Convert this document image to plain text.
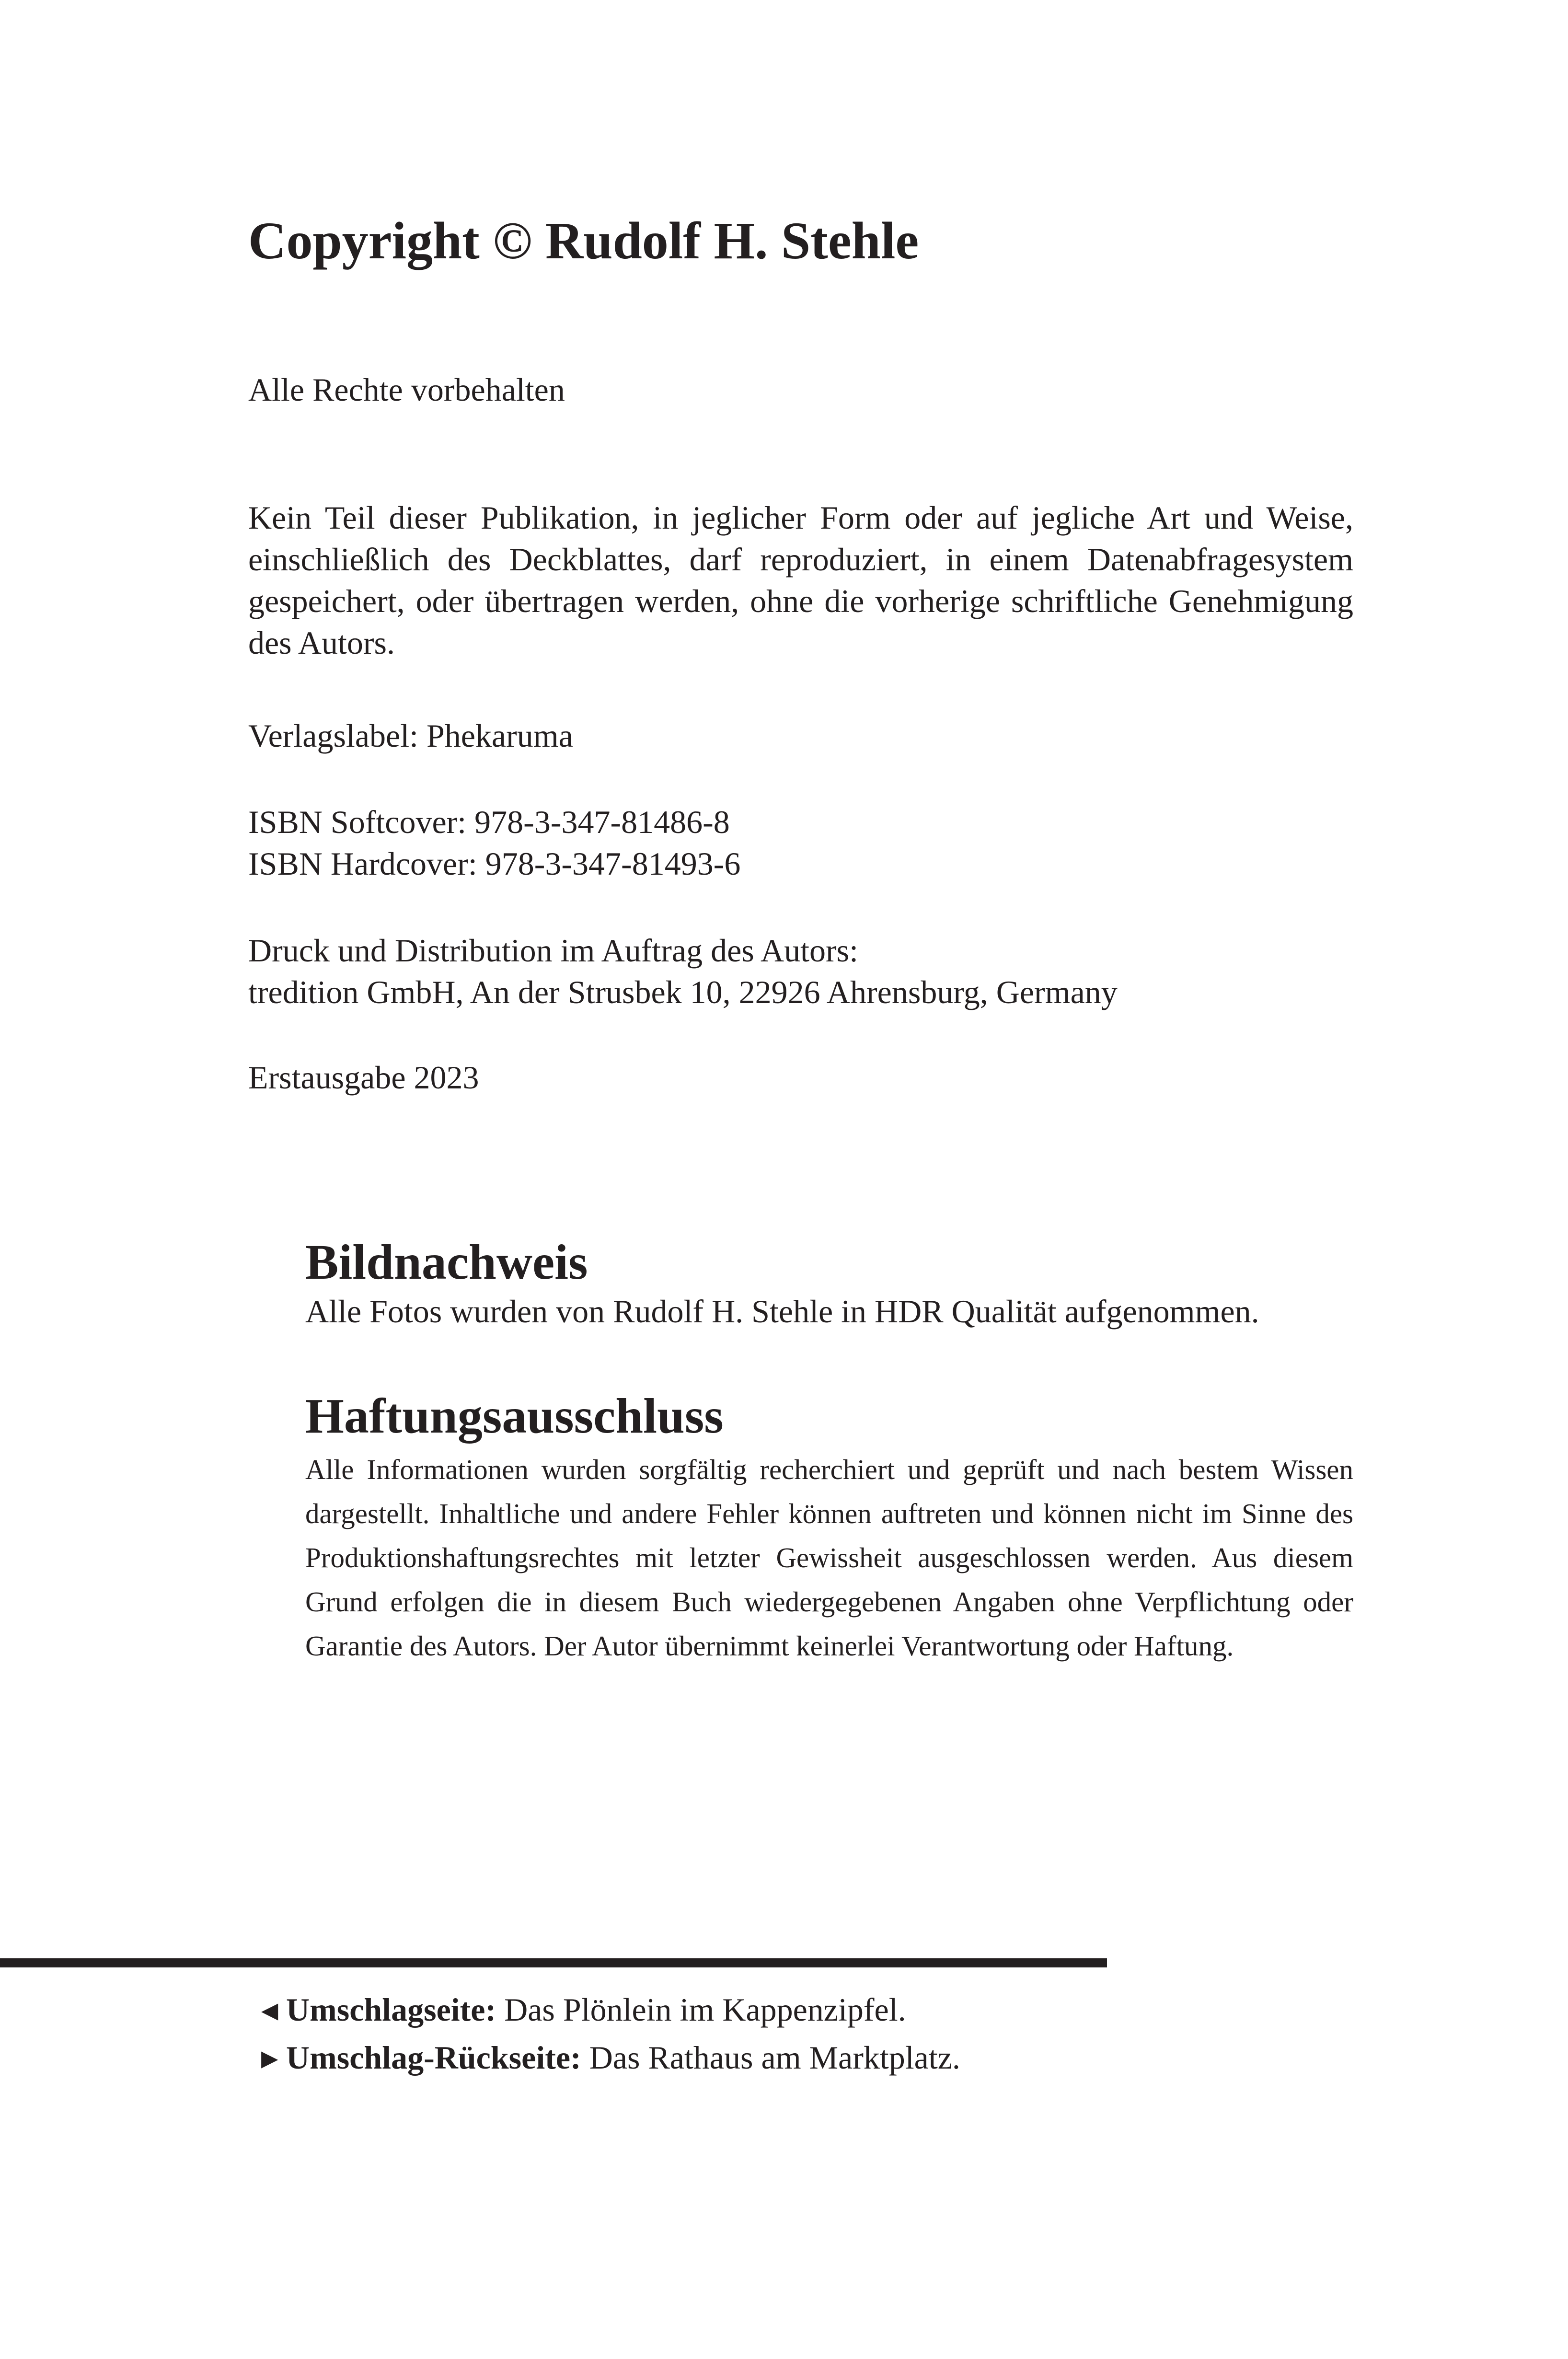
Copyright © Rudolf H. Stehle

Alle Rechte vorbehalten

Kein Teil dieser Publikation, in jeglicher Form oder auf jegliche Art und Weise, einschließlich des Deckblattes, darf reproduziert, in einem Datenabfragesystem gespeichert, oder übertragen werden, ohne die vorherige schriftliche Genehmigung des Autors.

Verlagslabel: Phekaruma

ISBN Softcover: 978-3-347-81486-8

ISBN Hardcover: 978-3-347-81493-6

Druck und Distribution im Auftrag des Autors:

tredition GmbH, An der Strusbek 10, 22926 Ahrensburg, Germany

Erstausgabe 2023

Bildnachweis

Alle Fotos wurden von Rudolf H. Stehle in HDR Qualität aufgenommen.

Haftungsausschluss

Alle Informationen wurden sorgfältig recherchiert und geprüft und nach bestem Wissen dargestellt. Inhaltliche und andere Fehler können auftreten und können nicht im Sinne des Produktionshaftungsrechtes mit letzter Gewissheit ausgeschlossen werden. Aus diesem Grund erfolgen die in diesem Buch wiedergegebenen Angaben ohne Verpflichtung oder Garantie des Autors. Der Autor übernimmt keinerlei Verantwortung oder Haftung.

◀ Umschlagseite: Das Plönlein im Kappenzipfel.

▶ Umschlag-Rückseite: Das Rathaus am Marktplatz.
